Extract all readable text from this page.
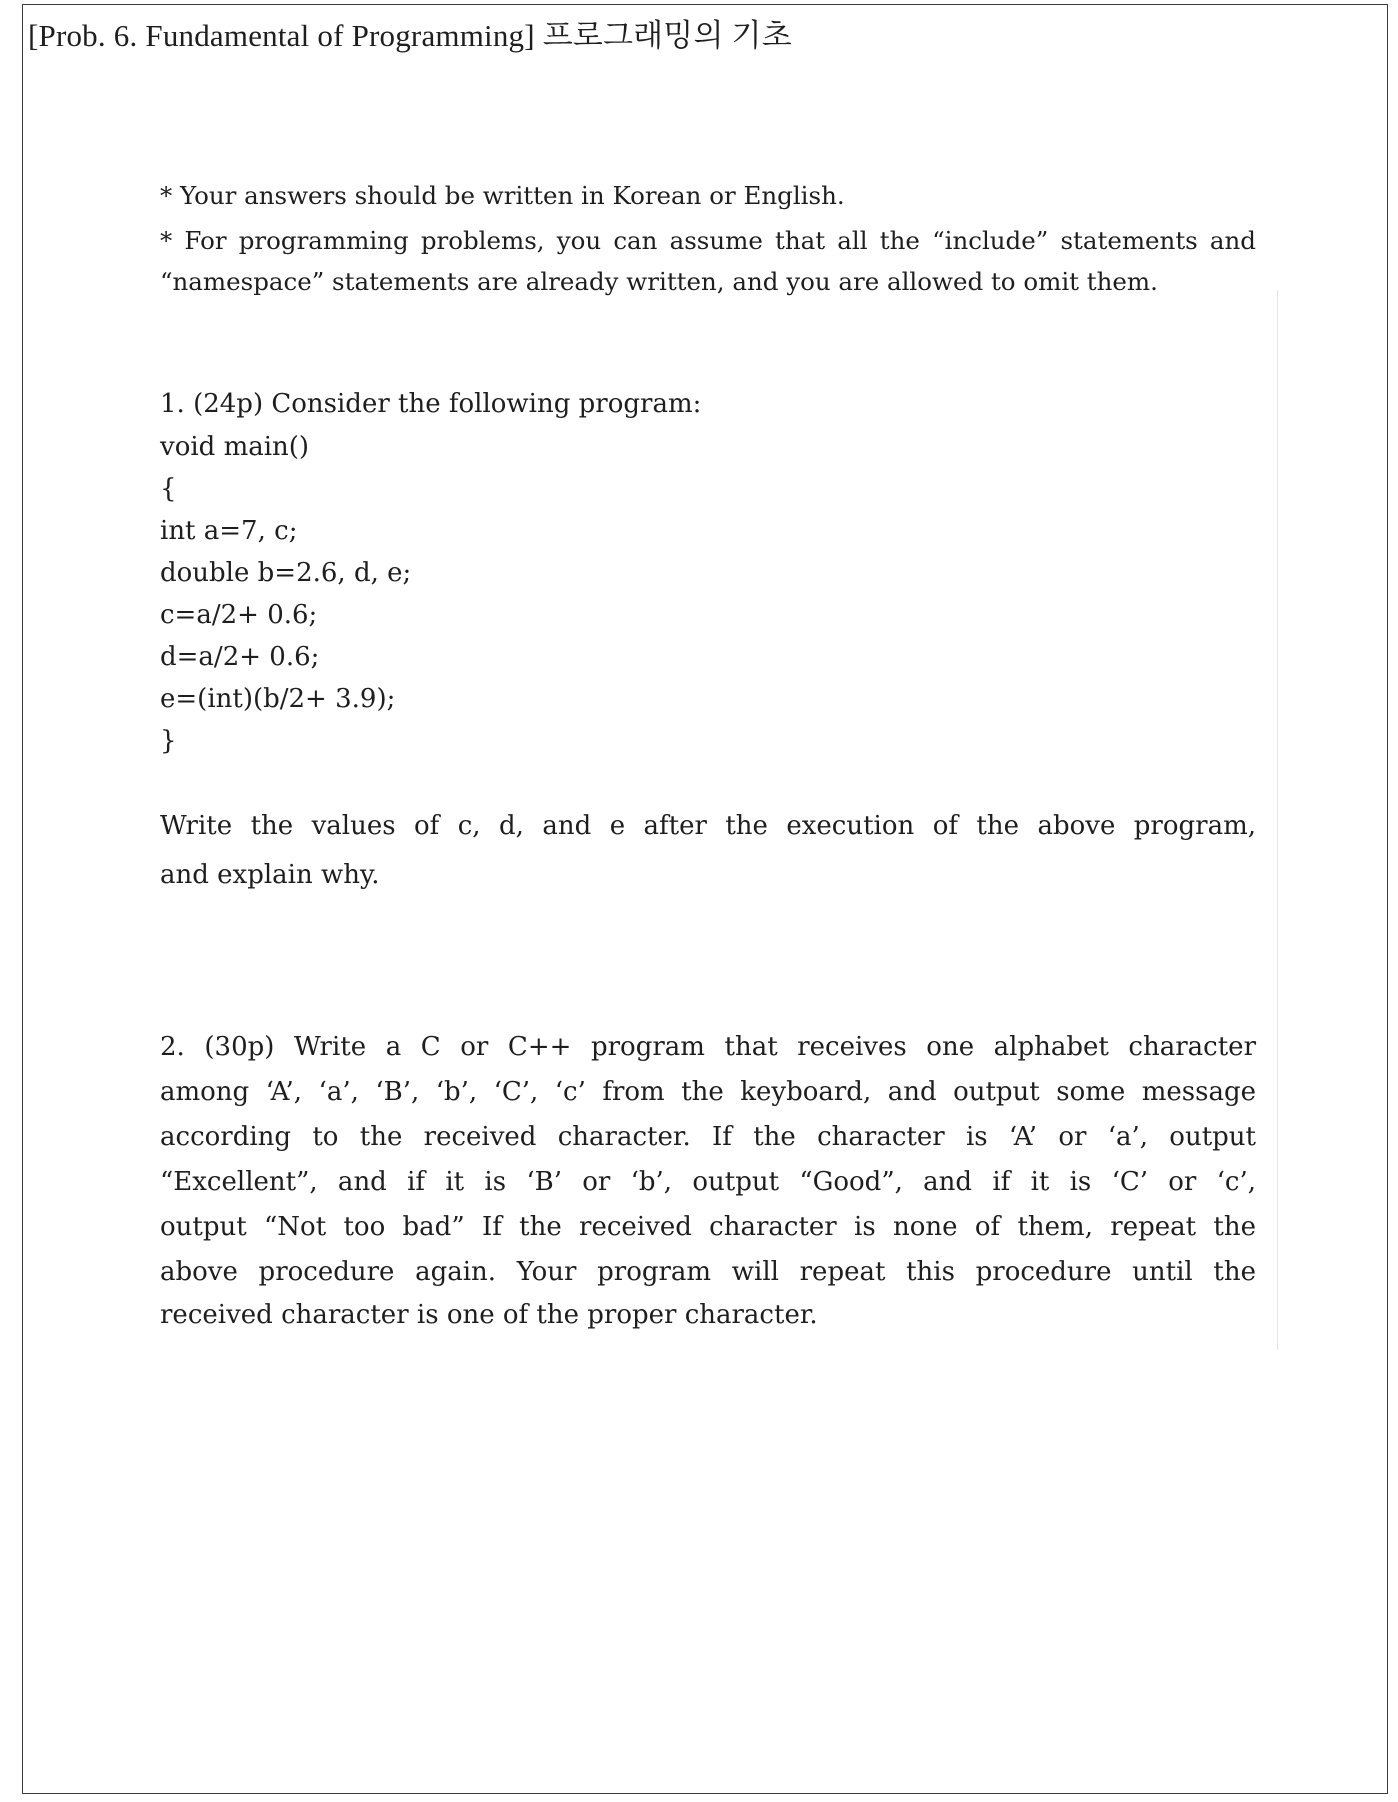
[Prob. 6. Fundamental of Programming] 프로그래밍의 기초
* Your answers should be written in Korean or English.
* For programming problems, you can assume that all the “include” statements and
“namespace” statements are already written, and you are allowed to omit them.
1. (24p) Consider the following program:
void main()
{
int a=7, c;
double b=2.6, d, e;
c=a/2+ 0.6;
d=a/2+ 0.6;
e=(int)(b/2+ 3.9);
}
Write the values of c, d, and e after the execution of the above program,
and explain why.
2. (30p) Write a C or C++ program that receives one alphabet character
among ‘A’, ‘a’, ‘B’, ‘b’, ‘C’, ‘c’ from the keyboard, and output some message
according to the received character. If the character is ‘A’ or ‘a’, output
“Excellent”, and if it is ‘B’ or ‘b’, output “Good”, and if it is ‘C’ or ‘c’,
output “Not too bad” If the received character is none of them, repeat the
above procedure again. Your program will repeat this procedure until the
received character is one of the proper character.
